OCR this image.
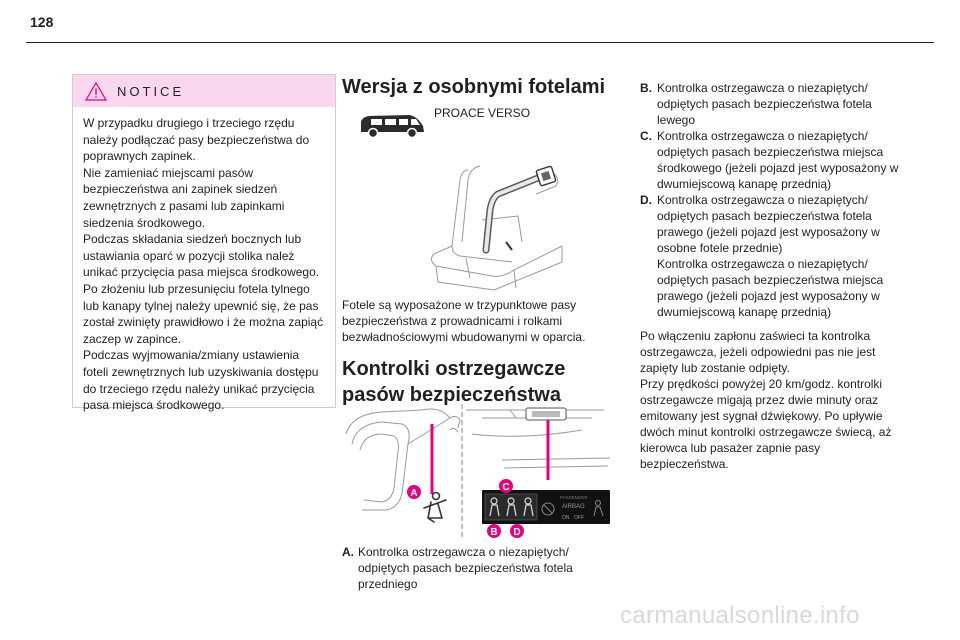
128
NOTICE

W przypadku drugiego i trzeciego rzędu należy podłączać pasy bezpieczeństwa do poprawnych zapinek.

Nie zamieniać miejscami pasów bezpieczeństwa ani zapinek siedzeń zewnętrznych z pasami lub zapinkami siedzenia środkowego.

Podczas składania siedzeń bocznych lub ustawiania oparć w pozycji stolika należ unikać przycięcia pasa miejsca środkowego.

Po złożeniu lub przesunięciu fotela tylnego lub kanapy tylnej należy upewnić się, że pas został zwinięty prawidłowo i że można zapiąć zaczep w zapince.

Podczas wyjmowania/zmiany ustawienia foteli zewnętrznych lub uzyskiwania dostępu do trzeciego rzędu należy unikać przycięcia pasa miejsca środkowego.

Wersja z osobnymi fotelami
PROACE VERSO
Fotele są wyposażone w trzypunktowe pasy bezpieczeństwa z prowadnicami i rolkami bezwładnościowymi wbudowanymi w oparcia.
Kontrolki ostrzegawcze pasów bezpieczeństwa
PASSENGER
AIRBAG
ON OFF
A
C
B D
A. Kontrolka ostrzegawcza o niezapiętych/ odpiętych pasach bezpieczeństwa fotela przedniego
B. Kontrolka ostrzegawcza o niezapiętych/ odpiętych pasach bezpieczeństwa fotela lewego
C. Kontrolka ostrzegawcza o niezapiętych/ odpiętych pasach bezpieczeństwa miejsca środkowego (jeżeli pojazd jest wyposażony w dwumiejscową kanapę przednią)
D. Kontrolka ostrzegawcza o niezapiętych/ odpiętych pasach bezpieczeństwa fotela prawego (jeżeli pojazd jest wyposażony w osobne fotele przednie)
Kontrolka ostrzegawcza o niezapiętych/ odpiętych pasach bezpieczeństwa miejsca prawego (jeżeli pojazd jest wyposażony w dwumiejscową kanapę przednią)

Po włączeniu zapłonu zaświeci ta kontrolka ostrzegawcza, jeżeli odpowiedni pas nie jest zapięty lub zostanie odpięty.

Przy prędkości powyżej 20 km/godz. kontrolki ostrzegawcze migają przez dwie minuty oraz emitowany jest sygnał dźwiękowy. Po upływie dwóch minut kontrolki ostrzegawcze świecą, aż kierowca lub pasażer zapnie pasy bezpieczeństwa.

carmanualsonline.info
